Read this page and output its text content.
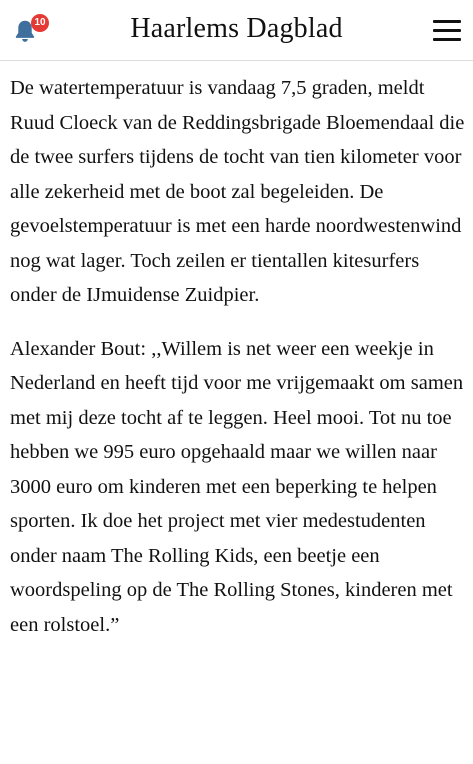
10	Haarlems Dagblad

De watertemperatuur is vandaag 7,5 graden, meldt Ruud Cloeck van de Reddingsbrigade Bloemendaal die de twee surfers tijdens de tocht van tien kilometer voor alle zekerheid met de boot zal begeleiden. De gevoelstemperatuur is met een harde noordwestenwind nog wat lager. Toch zeilen er tientallen kitesurfers onder de IJmuidense Zuidpier.

Alexander Bout: ,,Willem is net weer een weekje in Nederland en heeft tijd voor me vrijgemaakt om samen met mij deze tocht af te leggen. Heel mooi. Tot nu toe hebben we 995 euro opgehaald maar we willen naar 3000 euro om kinderen met een beperking te helpen sporten. Ik doe het project met vier medestudenten onder naam The Rolling Kids, een beetje een woordspeling op de The Rolling Stones, kinderen met een rolstoel.”
